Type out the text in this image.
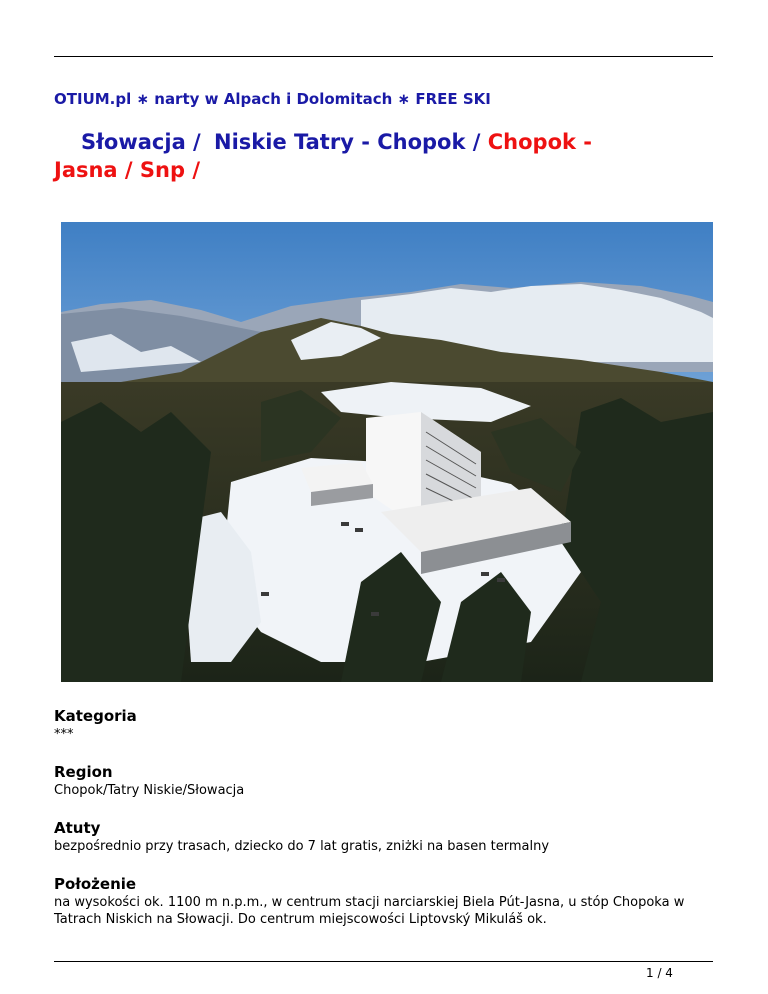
OTIUM.pl ∗ narty w Alpach i Dolomitach ∗ FREE SKI
Słowacja / Niskie Tatry - Chopok / Chopok -
Jasna / Snp /
Kategoria

***

Region

Chopok/Tatry Niskie/Słowacja

Atuty

bezpośrednio przy trasach, dziecko do 7 lat gratis, zniżki na basen termalny

Położenie

na wysokości ok. 1100 m n.p.m., w centrum stacji narciarskiej Biela Pút-Jasna, u stóp Chopoka w Tatrach Niskich na Słowacji. Do centrum miejscowości Liptovský Mikuláš ok.

1 / 4
